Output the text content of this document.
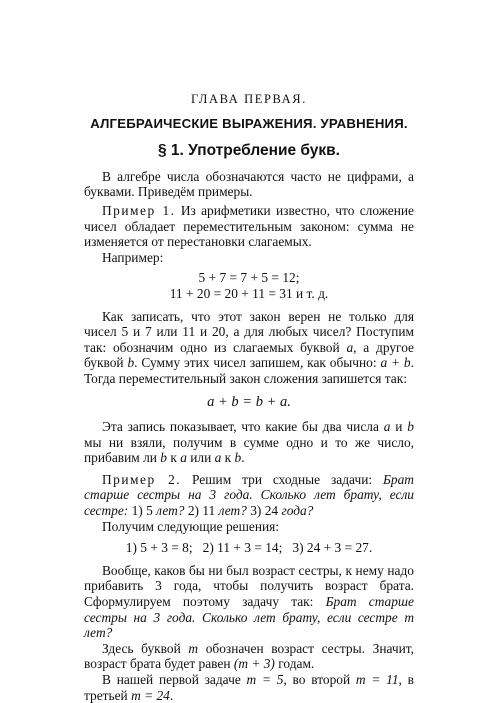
ГЛАВА ПЕРВАЯ.
АЛГЕБРАИЧЕСКИЕ ВЫРАЖЕНИЯ. УРАВНЕНИЯ.
§ 1. Употребление букв.

В алгебре числа обозначаются часто не цифрами, а буквами. Приведём примеры.

Пример 1. Из арифметики известно, что сложение чисел обладает переместительным законом: сумма не изменяется от перестановки слагаемых.

Например:

5 + 7 = 7 + 5 = 12;
11 + 20 = 20 + 11 = 31 и т. д.

Как записать, что этот закон верен не только для чисел 5 и 7 или 11 и 20, а для любых чисел? Поступим так: обозначим одно из слагаемых буквой a, а другое буквой b. Сумму этих чисел запишем, как обычно: a + b. Тогда переместительный закон сложения запишется так:

a + b = b + a.

Эта запись показывает, что какие бы два числа a и b мы ни взяли, получим в сумме одно и то же число, прибавим ли b к a или a к b.

Пример 2. Решим три сходные задачи: Брат старше сестры на 3 года. Сколько лет брату, если сестре: 1) 5 лет? 2) 11 лет? 3) 24 года?

Получим следующие решения:

1) 5 + 3 = 8;   2) 11 + 3 = 14;   3) 24 + 3 = 27.

Вообще, каков бы ни был возраст сестры, к нему надо прибавить 3 года, чтобы получить возраст брата. Сформулируем поэтому задачу так: Брат старше сестры на 3 года. Сколько лет брату, если сестре m лет?

Здесь буквой m обозначен возраст сестры. Значит, возраст брата будет равен (m + 3) годам.

В нашей первой задаче m = 5, во второй m = 11, в третьей m = 24.
